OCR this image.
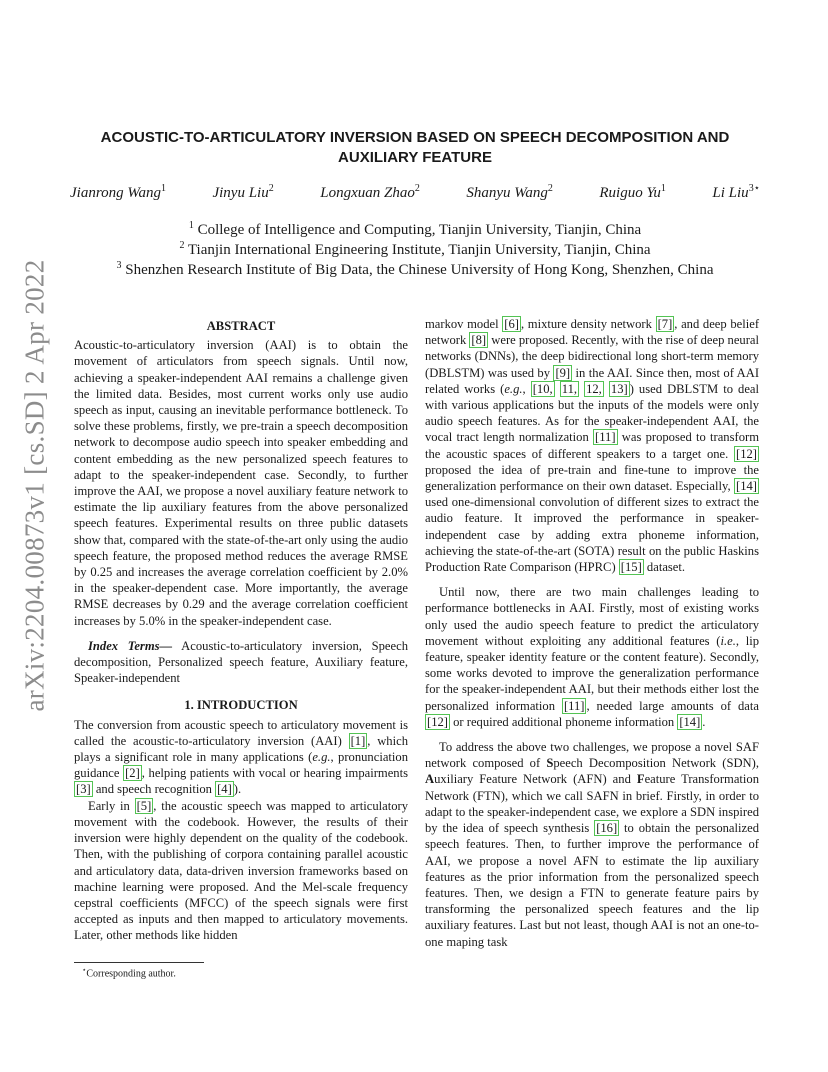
arXiv:2204.00873v1 [cs.SD] 2 Apr 2022
ACOUSTIC-TO-ARTICULATORY INVERSION BASED ON SPEECH DECOMPOSITION AND
AUXILIARY FEATURE
Jianrong Wang$^1$	Jinyu Liu$^2$	Longxuan Zhao$^2$	Shanyu Wang$^2$	Ruiguo Yu$^1$	Li Liu$^{3⋆}$
$^1$ College of Intelligence and Computing, Tianjin University, Tianjin, China
$^2$ Tianjin International Engineering Institute, Tianjin University, Tianjin, China
$^3$ Shenzhen Research Institute of Big Data, the Chinese University of Hong Kong, Shenzhen, China
ABSTRACT

Acoustic-to-articulatory inversion (AAI) is to obtain the movement of articulators from speech signals. Until now, achieving a speaker-independent AAI remains a challenge given the limited data. Besides, most current works only use audio speech as input, causing an inevitable performance bottleneck. To solve these problems, firstly, we pre-train a speech decomposition network to decompose audio speech into speaker embedding and content embedding as the new personalized speech features to adapt to the speaker-independent case. Secondly, to further improve the AAI, we propose a novel auxiliary feature network to estimate the lip auxiliary features from the above personalized speech features. Experimental results on three public datasets show that, compared with the state-of-the-art only using the audio speech feature, the proposed method reduces the average RMSE by 0.25 and increases the average correlation coefficient by 2.0% in the speaker-dependent case. More importantly, the average RMSE decreases by 0.29 and the average correlation coefficient increases by 5.0% in the speaker-independent case.

Index Terms— Acoustic-to-articulatory inversion, Speech decomposition, Personalized speech feature, Auxiliary feature, Speaker-independent

1. INTRODUCTION

The conversion from acoustic speech to articulatory movement is called the acoustic-to-articulatory inversion (AAI) [1] , which plays a significant role in many applications (e.g., pronunciation guidance [2] , helping patients with vocal or hearing impairments [3] and speech recognition [4] ).

Early in [5] , the acoustic speech was mapped to articulatory movement with the codebook. However, the results of their inversion were highly dependent on the quality of the codebook. Then, with the publishing of corpora containing parallel acoustic and articulatory data, data-driven inversion frameworks based on machine learning were proposed. And the Mel-scale frequency cepstral coefficients (MFCC) of the speech signals were first accepted as inputs and then mapped to articulatory movements. Later, other methods like hidden

markov model [6] , mixture density network [7] , and deep belief network [8] were proposed. Recently, with the rise of deep neural networks (DNNs), the deep bidirectional long short-term memory (DBLSTM) was used by [9] in the AAI. Since then, most of AAI related works (e.g., [10, 11, 12, 13] ) used DBLSTM to deal with various applications but the inputs of the models were only audio speech features. As for the speaker-independent AAI, the vocal tract length normalization [11] was proposed to transform the acoustic spaces of different speakers to a target one. [12] proposed the idea of pre-train and fine-tune to improve the generalization performance on their own dataset. Especially, [14] used one-dimensional convolution of different sizes to extract the audio feature. It improved the performance in speaker-independent case by adding extra phoneme information, achieving the state-of-the-art (SOTA) result on the public Haskins Production Rate Comparison (HPRC) [15] dataset.

Until now, there are two main challenges leading to performance bottlenecks in AAI. Firstly, most of existing works only used the audio speech feature to predict the articulatory movement without exploiting any additional features (i.e., lip feature, speaker identity feature or the content feature). Secondly, some works devoted to improve the generalization performance for the speaker-independent AAI, but their methods either lost the personalized information [11] , needed large amounts of data [12] or required additional phoneme information [14] .

To address the above two challenges, we propose a novel SAF network composed of Speech Decomposition Network (SDN), Auxiliary Feature Network (AFN) and Feature Transformation Network (FTN), which we call SAFN in brief. Firstly, in order to adapt to the speaker-independent case, we explore a SDN inspired by the idea of speech synthesis [16] to obtain the personalized speech features. Then, to further improve the performance of AAI, we propose a novel AFN to estimate the lip auxiliary features as the prior information from the personalized speech features. Then, we design a FTN to generate feature pairs by transforming the personalized speech features and the lip auxiliary features. Last but not least, though AAI is not an one-to-one maping task

⋆Corresponding author.
